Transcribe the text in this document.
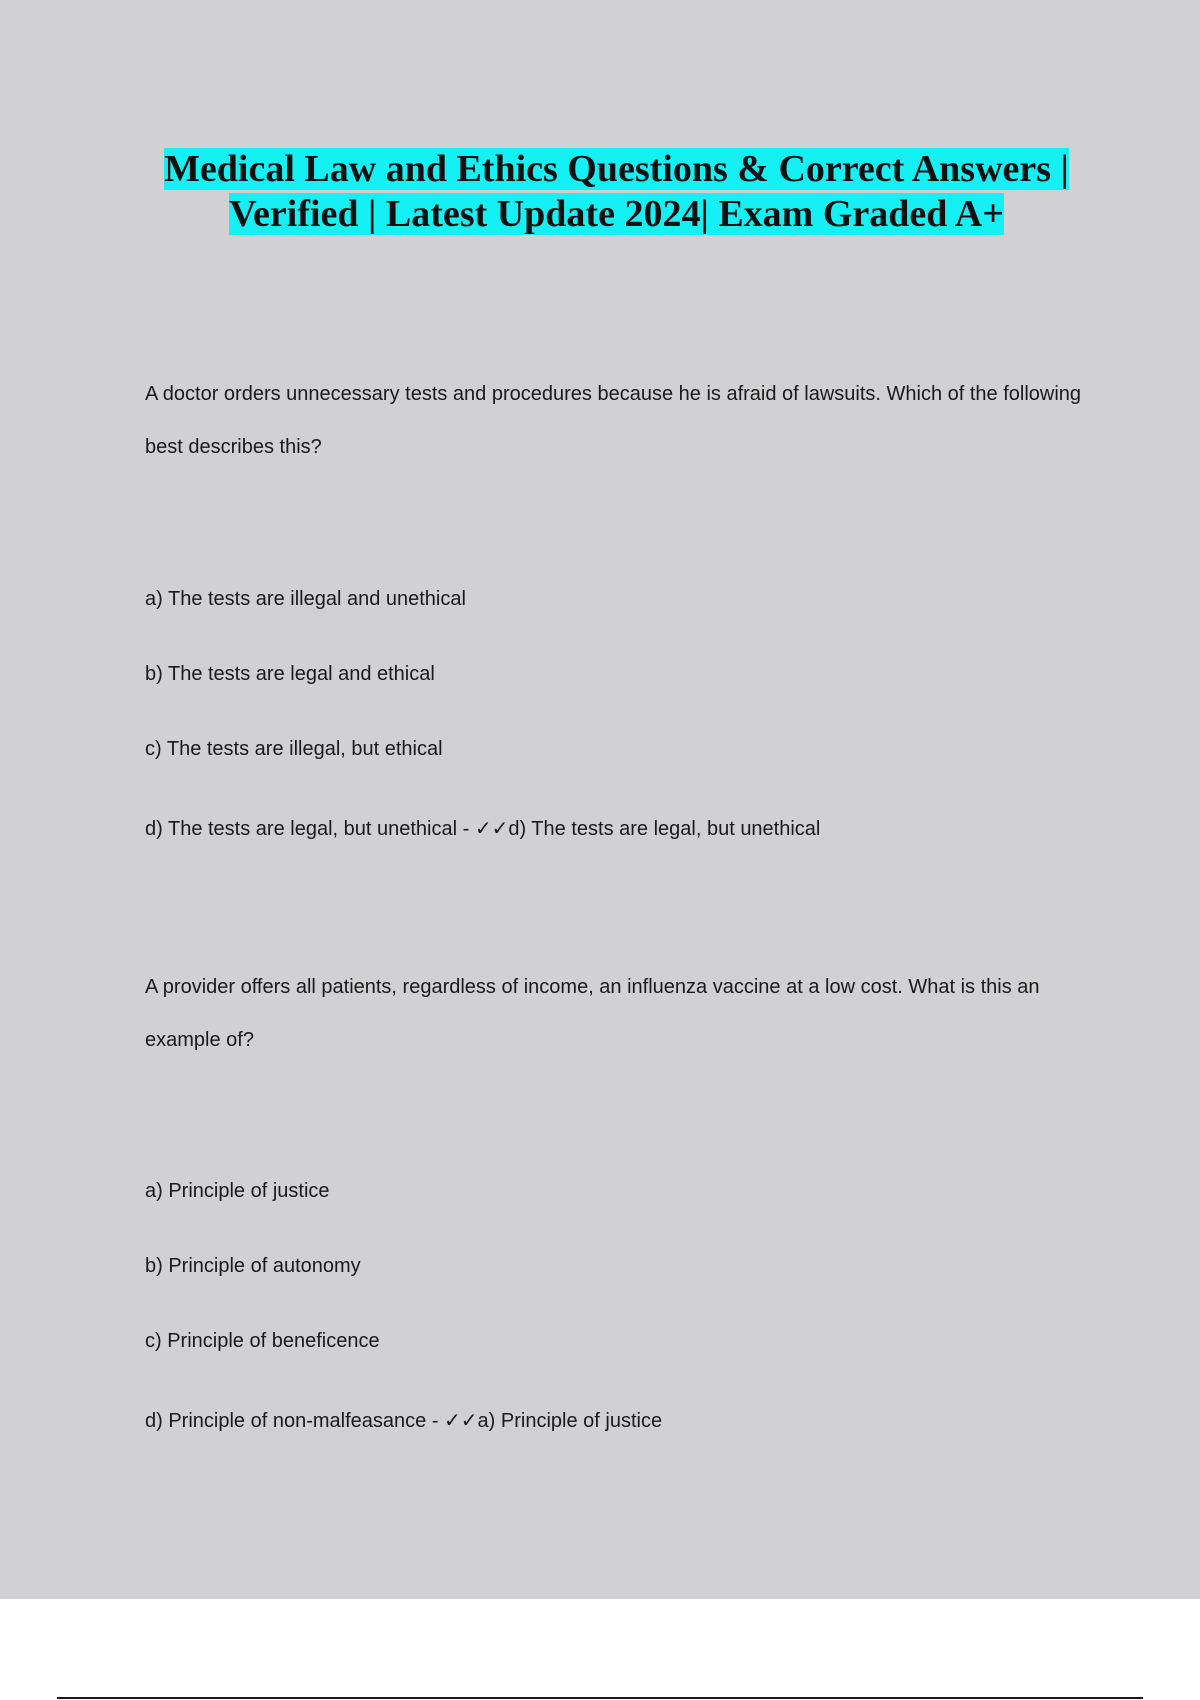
Medical Law and Ethics Questions & Correct Answers | Verified | Latest Update 2024| Exam Graded A+

A doctor orders unnecessary tests and procedures because he is afraid of lawsuits. Which of the following best describes this?

a) The tests are illegal and unethical

b) The tests are legal and ethical

c) The tests are illegal, but ethical

d) The tests are legal, but unethical - ✓✓d) The tests are legal, but unethical

A provider offers all patients, regardless of income, an influenza vaccine at a low cost. What is this an example of?

a) Principle of justice

b) Principle of autonomy

c) Principle of beneficence

d) Principle of non-malfeasance - ✓✓a) Principle of justice
